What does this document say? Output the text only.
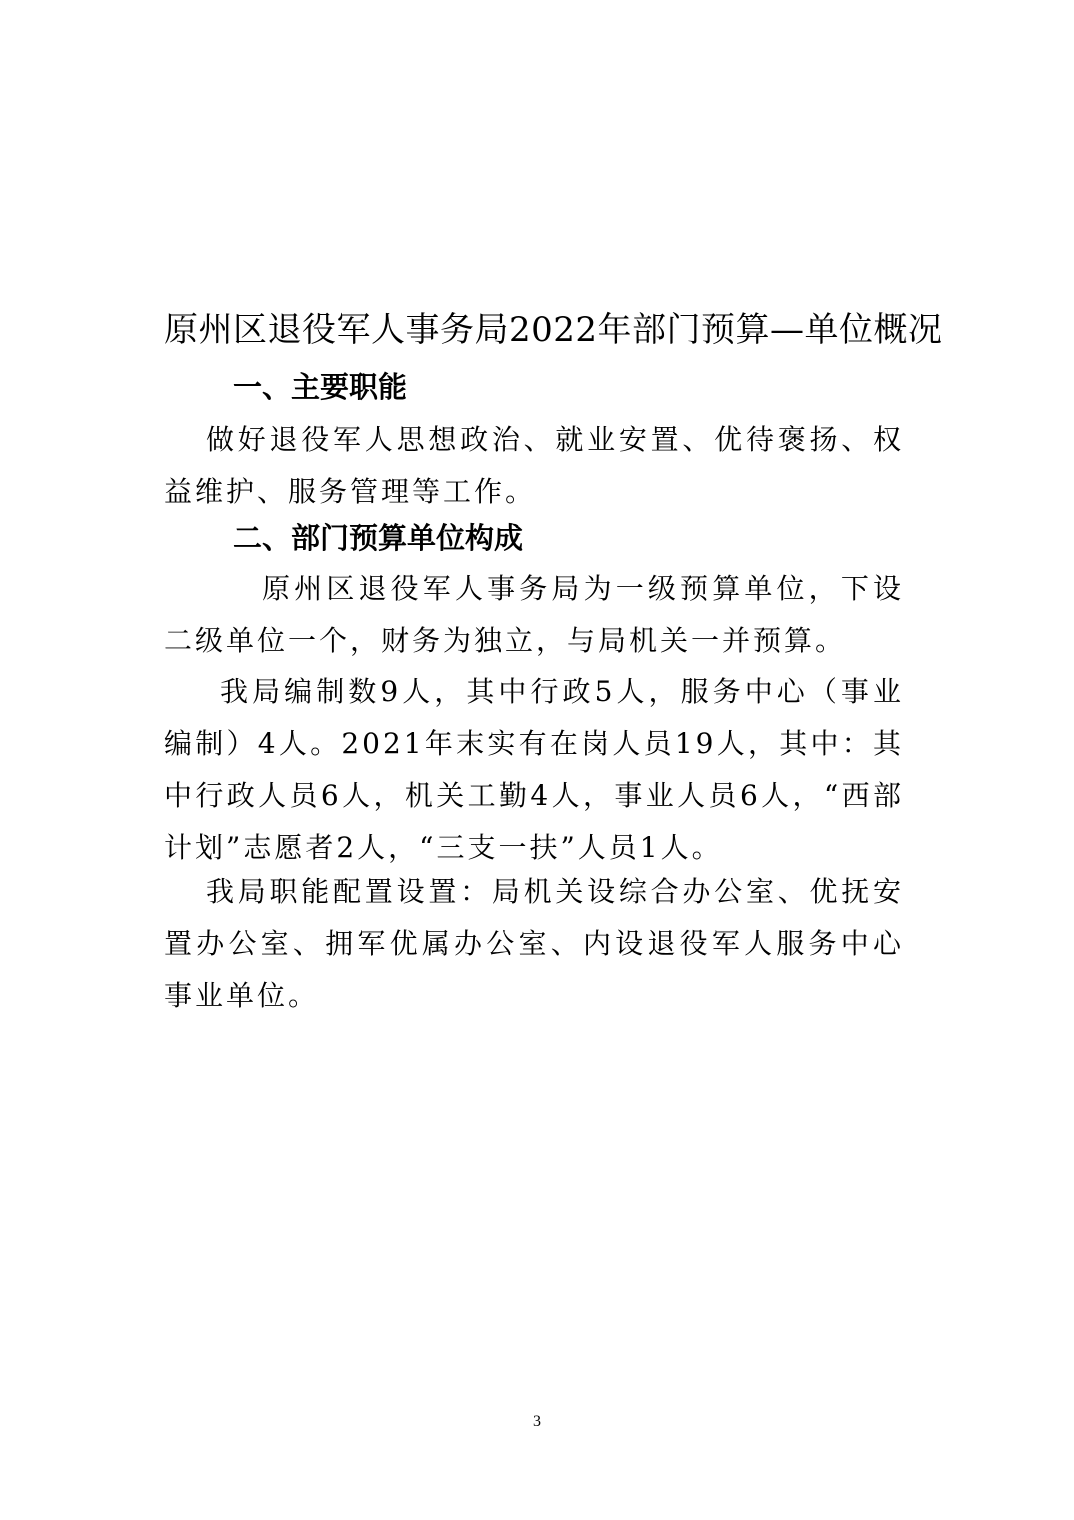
原州区退役军人事务局2022年部门预算—单位概况
一、主要职能
做好退役军人思想政治、就业安置、优待褒扬、权益维护、服务管理等工作。
二、部门预算单位构成
原州区退役军人事务局为一级预算单位，下设二级单位一个，财务为独立，与局机关一并预算。
我局编制数9人，其中行政5人，服务中心（事业编制）4人。2021年末实有在岗人员19人，其中：其中行政人员6人，机关工勤4人，事业人员6人，“西部计划”志愿者2人，“三支一扶”人员1人。
我局职能配置设置：局机关设综合办公室、优抚安置办公室、拥军优属办公室、内设退役军人服务中心事业单位。
3
